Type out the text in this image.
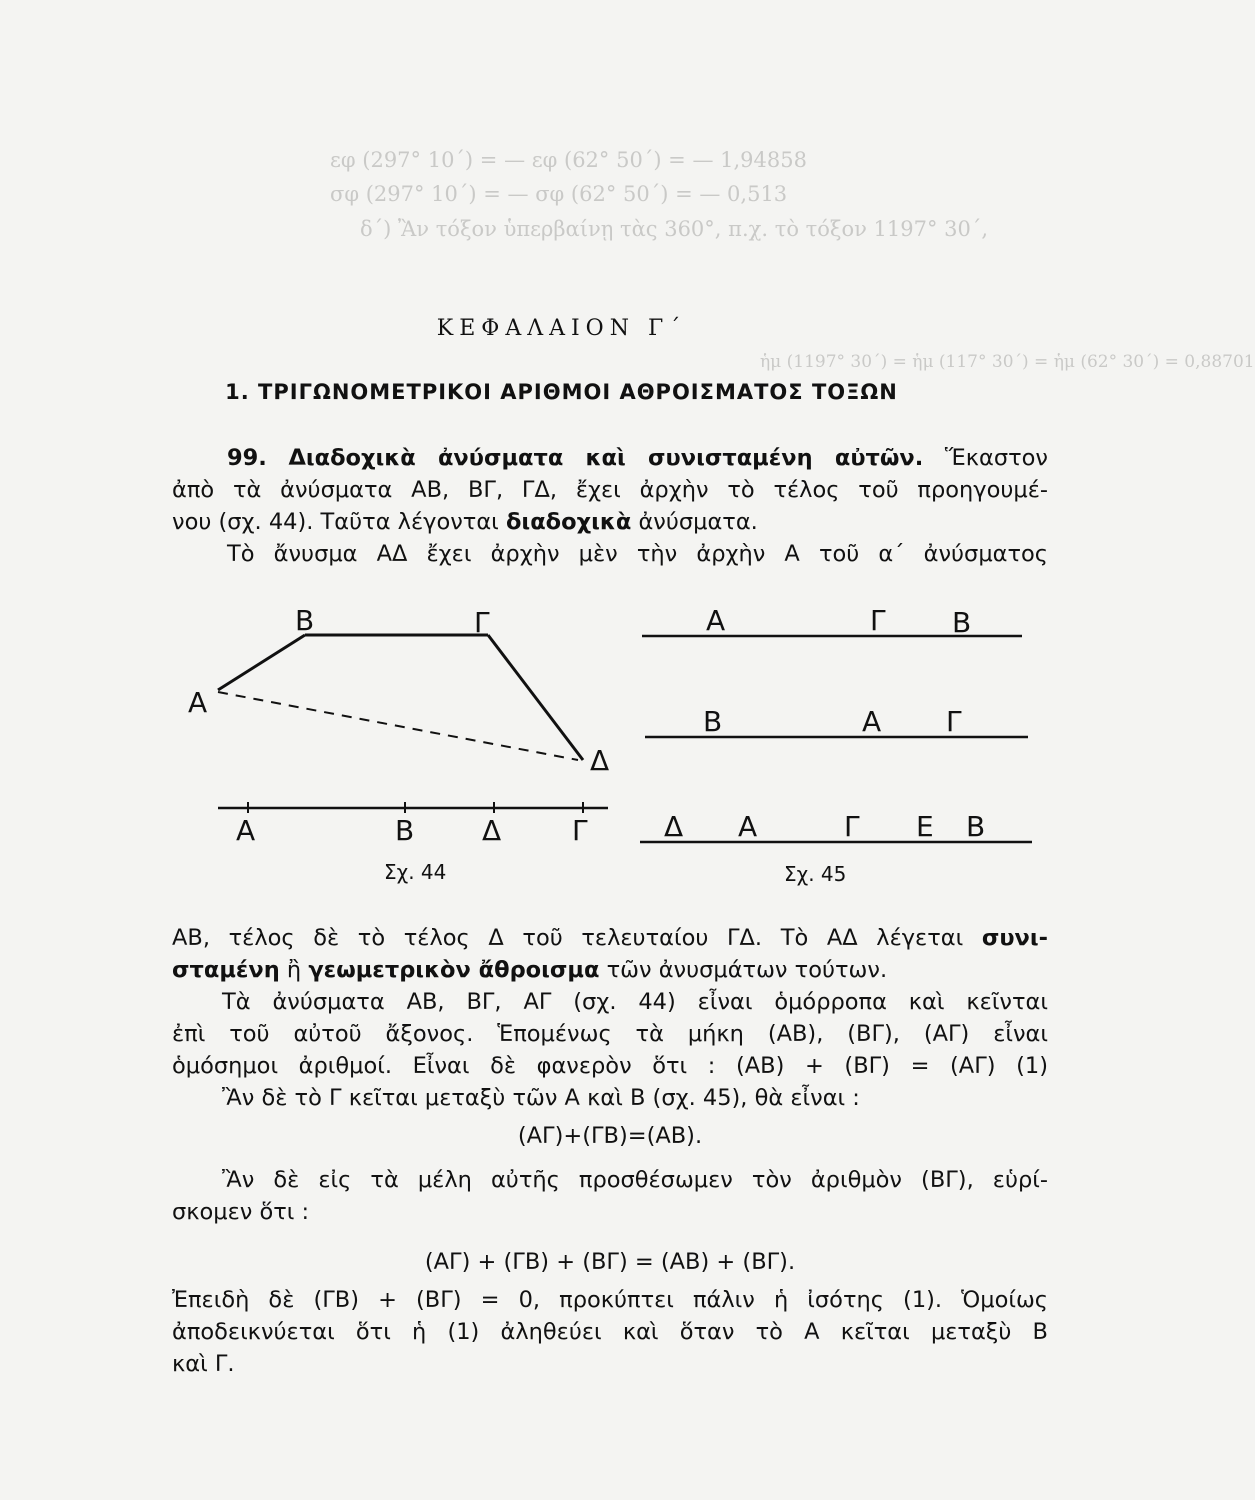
εφ (297° 10΄) = — εφ (62° 50΄) = — 1,94858
σφ (297° 10΄) = — σφ (62° 50΄) = — 0,513
δ΄) Ἂν τόξον ὑπερβαίνῃ τὰς 360°, π.χ. τὸ τόξον 1197° 30΄,
ἡμ (1197° 30΄) = ἡμ (117° 30΄) = ἡμ (62° 30΄) = 0,88701
ΚΕΦΑΛΑΙΟΝ Γ΄
1. ΤΡΙΓΩΝΟΜΕΤΡΙΚΟΙ ΑΡΙΘΜΟΙ ΑΘΡΟΙΣΜΑΤΟΣ ΤΟΞΩΝ
99. Διαδοχικὰ ἀνύσματα καὶ συνισταμένη αὐτῶν. Ἕκαστον
ἀπὸ τὰ ἀνύσματα ΑΒ, ΒΓ, ΓΔ, ἔχει ἀρχὴν τὸ τέλος τοῦ προηγουμέ-
νου (σχ. 44). Ταῦτα λέγονται διαδοχικὰ ἀνύσματα.
Τὸ ἄνυσμα ΑΔ ἔχει ἀρχὴν μὲν τὴν ἀρχὴν Α τοῦ α΄ ἀνύσματος
Β	Γ
Α
Δ
Α	Β Δ	Γ
Α	Γ Β
Β	Α Γ
Δ Α	Γ Ε Β
Σχ. 44	Σχ. 45
ΑΒ, τέλος δὲ τὸ τέλος Δ τοῦ τελευταίου ΓΔ. Τὸ ΑΔ λέγεται συνι-
σταμένη ἢ γεωμετρικὸν ἄθροισμα τῶν ἀνυσμάτων τούτων.
Τὰ ἀνύσματα ΑΒ, ΒΓ, ΑΓ (σχ. 44) εἶναι ὁμόρροπα καὶ κεῖνται
ἐπὶ τοῦ αὐτοῦ ἄξονος. Ἑπομένως τὰ μήκη (ΑΒ), (ΒΓ), (ΑΓ) εἶναι
ὁμόσημοι ἀριθμοί. Εἶναι δὲ φανερὸν ὅτι : (ΑΒ) + (ΒΓ) = (ΑΓ) (1)
Ἂν δὲ τὸ Γ κεῖται μεταξὺ τῶν Α καὶ Β (σχ. 45), θὰ εἶναι :
(ΑΓ)+(ΓΒ)=(ΑΒ).
Ἂν δὲ εἰς τὰ μέλη αὐτῆς προσθέσωμεν τὸν ἀριθμὸν (ΒΓ), εὑρί-
σκομεν ὅτι :
(ΑΓ) + (ΓΒ) + (ΒΓ) = (ΑΒ) + (ΒΓ).
Ἐπειδὴ δὲ (ΓΒ) + (ΒΓ) = 0, προκύπτει πάλιν ἡ ἰσότης (1). Ὁμοίως
ἀποδεικνύεται ὅτι ἡ (1) ἀληθεύει καὶ ὅταν τὸ Α κεῖται μεταξὺ Β
καὶ Γ.
